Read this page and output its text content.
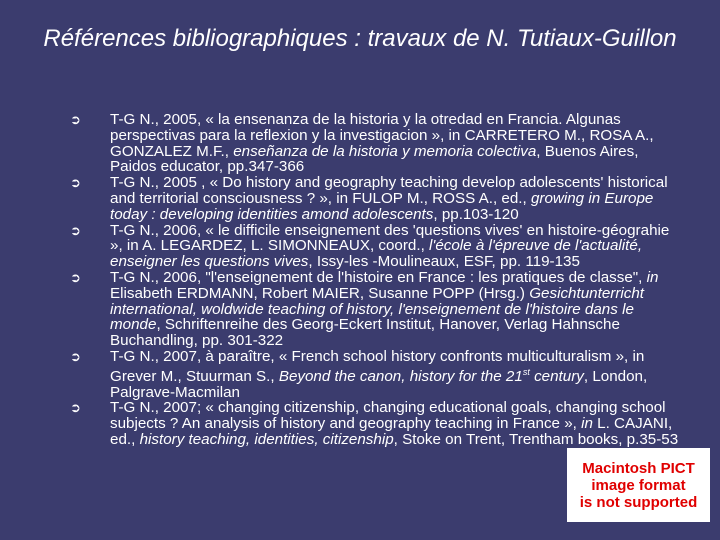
Références bibliographiques : travaux de N. Tutiaux-Guillon
➲ T-G N., 2005, « la ensenanza de la historia y la otredad en Francia. Algunas perspectivas para la reflexion y la investigacion », in CARRETERO M., ROSA A., GONZALEZ M.F., enseñanza de la historia y memoria colectiva, Buenos Aires, Paidos educator, pp.347-366
➲ T-G N., 2005 , « Do history and geography teaching develop adolescents' historical and territorial consciousness ? », in FULOP M., ROSS A., ed., growing in Europe today : developing identities amond adolescents, pp.103-120
➲ T-G N., 2006, « le difficile enseignement des 'questions vives' en histoire-géograhie », in A. LEGARDEZ, L. SIMONNEAUX, coord., l'école à l'épreuve de l'actualité, enseigner les questions vives, Issy-les -Moulineaux, ESF, pp. 119-135
➲ T-G N., 2006, "l'enseignement de l'histoire en France : les pratiques de classe", in Elisabeth ERDMANN, Robert MAIER, Susanne POPP (Hrsg.) Gesichtunterricht international, woldwide teaching of history, l'enseignement de l'histoire dans le monde, Schriftenreihe des Georg-Eckert Institut, Hanover, Verlag Hahnsche Buchandling, pp. 301-322
➲ T-G N., 2007, à paraître, « French school history confronts multiculturalism », in Grever M., Stuurman S., Beyond the canon, history for the 21st century, London, Palgrave-Macmilan
➲ T-G N., 2007; « changing citizenship, changing educational goals, changing school subjects ? An analysis of history and geography teaching in France », in L. CAJANI, ed., history teaching, identities, citizenship, Stoke on Trent, Trentham books, p.35-53
Macintosh PICT
image format
is not supported
